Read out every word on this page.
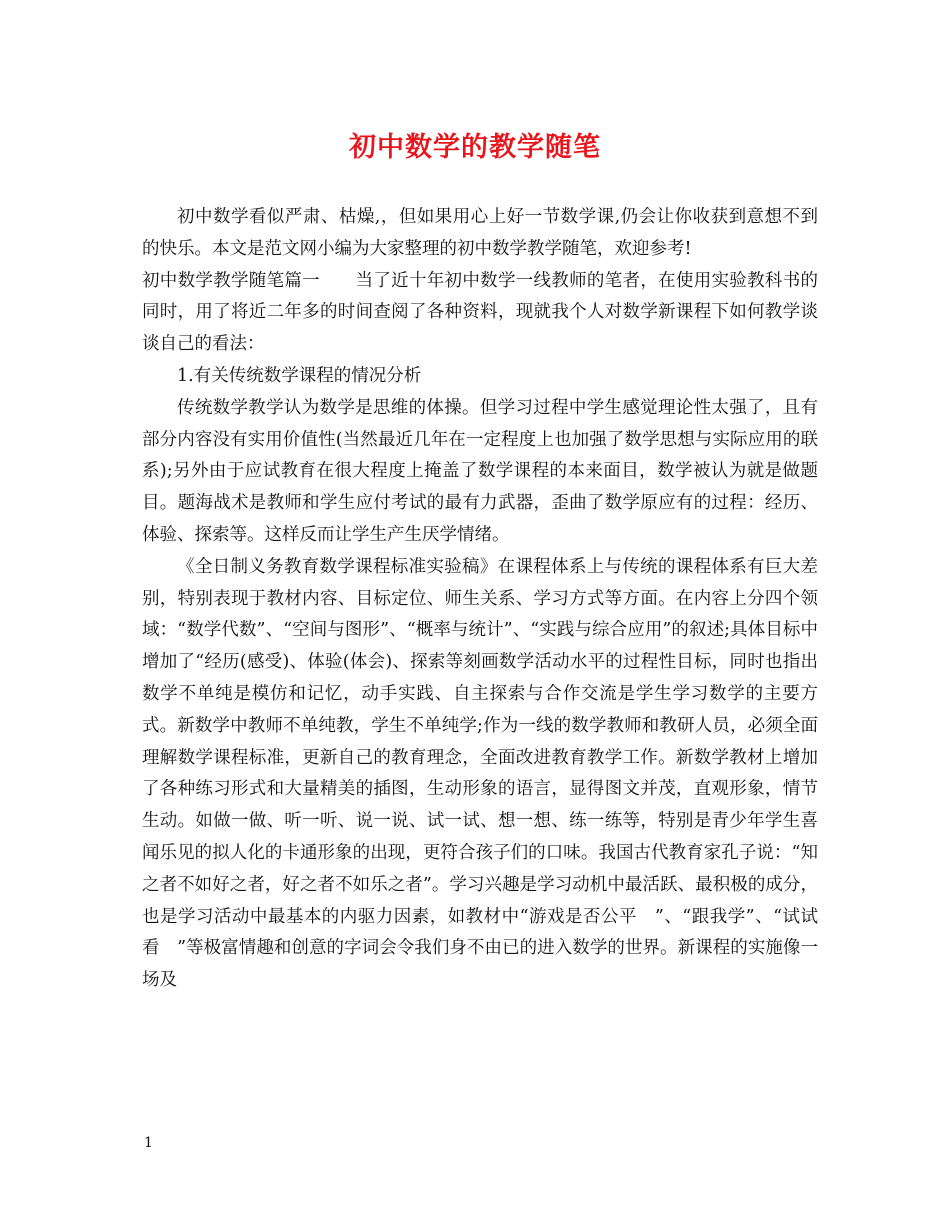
初中数学的教学随笔

初中数学看似严肃、枯燥,，但如果用心上好一节数学课,仍会让你收获到意想不到的快乐。本文是范文网小编为大家整理的初中数学教学随笔，欢迎参考!

初中数学教学随笔篇一　　当了近十年初中数学一线教师的笔者，在使用实验教科书的同时，用了将近二年多的时间查阅了各种资料，现就我个人对数学新课程下如何教学谈谈自己的看法：

1.有关传统数学课程的情况分析

传统数学教学认为数学是思维的体操。但学习过程中学生感觉理论性太强了，且有部分内容没有实用价值性(当然最近几年在一定程度上也加强了数学思想与实际应用的联系);另外由于应试教育在很大程度上掩盖了数学课程的本来面目，数学被认为就是做题目。题海战术是教师和学生应付考试的最有力武器，歪曲了数学原应有的过程：经历、体验、探索等。这样反而让学生产生厌学情绪。

《全日制义务教育数学课程标准实验稿》在课程体系上与传统的课程体系有巨大差别，特别表现于教材内容、目标定位、师生关系、学习方式等方面。在内容上分四个领域：“数学代数”、“空间与图形”、“概率与统计”、“实践与综合应用”的叙述;具体目标中增加了“经历(感受)、体验(体会)、探索等刻画数学活动水平的过程性目标，同时也指出数学不单纯是模仿和记忆，动手实践、自主探索与合作交流是学生学习数学的主要方式。新数学中教师不单纯教，学生不单纯学;作为一线的数学教师和教研人员，必须全面理解数学课程标准，更新自己的教育理念，全面改进教育教学工作。新数学教材上增加了各种练习形式和大量精美的插图，生动形象的语言，显得图文并茂，直观形象，情节生动。如做一做、听一听、说一说、试一试、想一想、练一练等，特别是青少年学生喜闻乐见的拟人化的卡通形象的出现，更符合孩子们的口味。我国古代教育家孔子说：“知之者不如好之者，好之者不如乐之者”。学习兴趣是学习动机中最活跃、最积极的成分，也是学习活动中最基本的内驱力因素，如教材中“游戏是否公平　”、“跟我学”、“试试看　”等极富情趣和创意的字词会令我们身不由已的进入数学的世界。新课程的实施像一场及

1
